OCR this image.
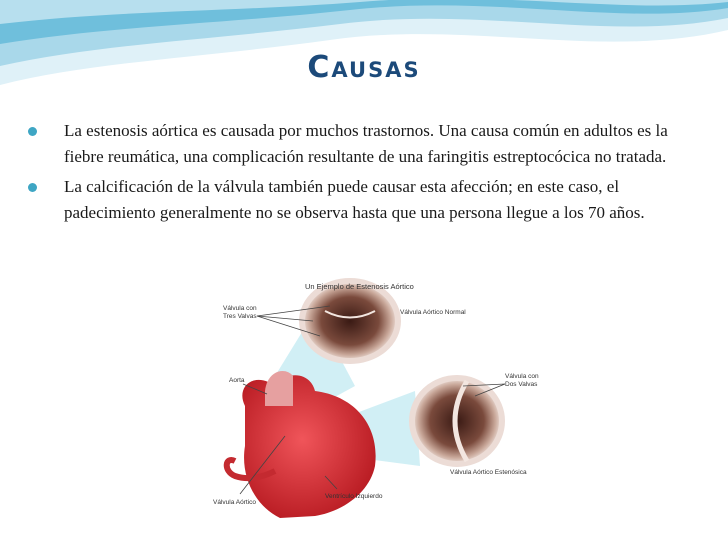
Causas
La estenosis aórtica es causada por muchos trastornos. Una causa común en adultos es la fiebre reumática, una complicación resultante de una faringitis estreptocócica no tratada.
La calcificación de la válvula también puede causar esta afección; en este caso, el padecimiento generalmente no se observa hasta que una persona llegue a los 70 años.
Un Ejemplo de Estenosis Aórtico
Válvula con
Tres Valvas
Válvula Aórtico Normal
Válvula con
Dos Valvas
Aorta
Válvula Aórtico Estenósica
Ventrículo Izquierdo
Válvula Aórtico
